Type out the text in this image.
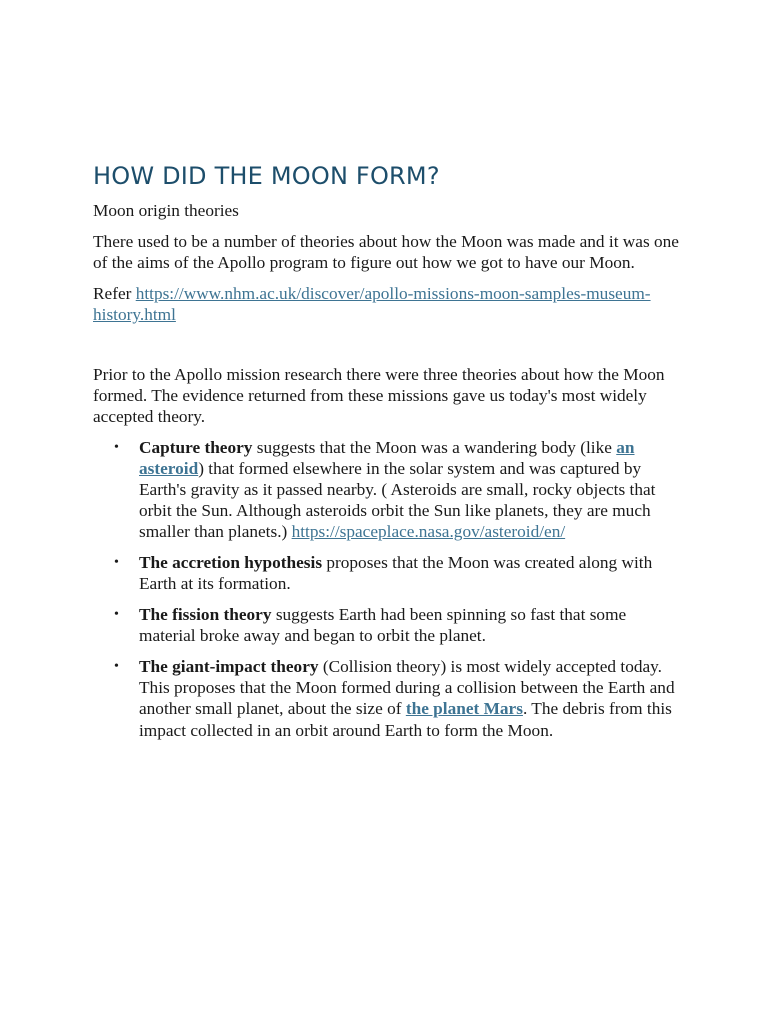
HOW DID THE MOON FORM?

Moon origin theories

There used to be a number of theories about how the Moon was made and it was one of the aims of the Apollo program to figure out how we got to have our Moon.

Refer https://www.nhm.ac.uk/discover/apollo-missions-moon-samples-museum-history.html

Prior to the Apollo mission research there were three theories about how the Moon formed. The evidence returned from these missions gave us today's most widely accepted theory.

• Capture theory suggests that the Moon was a wandering body (like an asteroid) that formed elsewhere in the solar system and was captured by Earth's gravity as it passed nearby. ( Asteroids are small, rocky objects that orbit the Sun. Although asteroids orbit the Sun like planets, they are much smaller than planets.) https://spaceplace.nasa.gov/asteroid/en/
• The accretion hypothesis proposes that the Moon was created along with Earth at its formation.
• The fission theory suggests Earth had been spinning so fast that some material broke away and began to orbit the planet.
• The giant-impact theory (Collision theory) is most widely accepted today. This proposes that the Moon formed during a collision between the Earth and another small planet, about the size of the planet Mars. The debris from this impact collected in an orbit around Earth to form the Moon.
